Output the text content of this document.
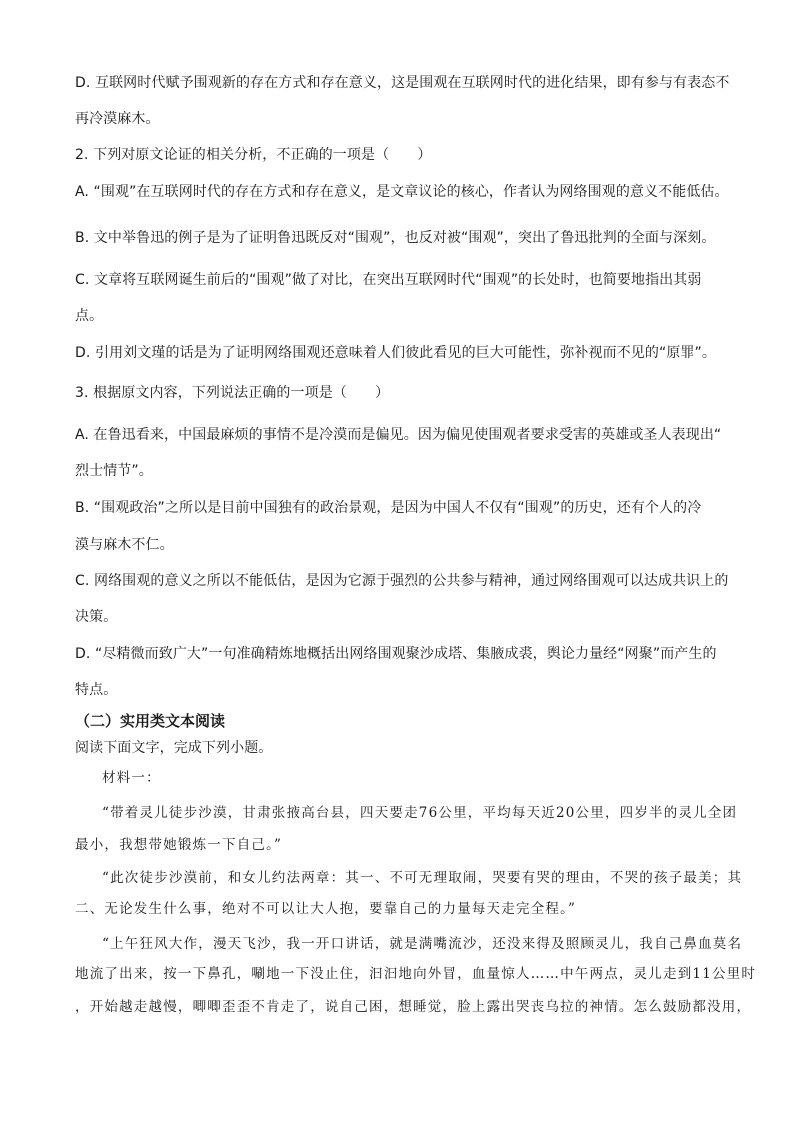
D. 互联网时代赋予围观新的存在方式和存在意义，这是围观在互联网时代的进化结果，即有参与有表态不
再冷漠麻木。
2. 下列对原文论证的相关分析，不正确的一项是（　　）
A. “围观”在互联网时代的存在方式和存在意义，是文章议论的核心，作者认为网络围观的意义不能低估。
B. 文中举鲁迅的例子是为了证明鲁迅既反对“围观”，也反对被“围观”，突出了鲁迅批判的全面与深刻。
C. 文章将互联网诞生前后的“围观”做了对比，在突出互联网时代“围观”的长处时，也简要地指出其弱
点。
D. 引用刘文瑾的话是为了证明网络围观还意味着人们彼此看见的巨大可能性，弥补视而不见的“原罪”。
3. 根据原文内容，下列说法正确的一项是（　　）
A. 在鲁迅看来，中国最麻烦的事情不是冷漠而是偏见。因为偏见使围观者要求受害的英雄或圣人表现出“
烈士情节”。
B. “围观政治”之所以是目前中国独有的政治景观，是因为中国人不仅有“围观”的历史，还有个人的冷
漠与麻木不仁。
C. 网络围观的意义之所以不能低估，是因为它源于强烈的公共参与精神，通过网络围观可以达成共识上的
决策。
D. “尽精微而致广大”一句准确精炼地概括出网络围观聚沙成塔、集腋成裘，舆论力量经“网聚”而产生的
特点。
（二）实用类文本阅读
阅读下面文字，完成下列小题。
材料一：
“带着灵儿徒步沙漠，甘肃张掖高台县，四天要走76公里，平均每天近20公里，四岁半的灵儿全团
最小，我想带她锻炼一下自己。”
“此次徒步沙漠前，和女儿约法两章：其一、不可无理取闹，哭要有哭的理由，不哭的孩子最美；其
二、无论发生什么事，绝对不可以让大人抱，要靠自己的力量每天走完全程。”
“上午狂风大作，漫天飞沙，我一开口讲话，就是满嘴流沙，还没来得及照顾灵儿，我自己鼻血莫名
地流了出来，按一下鼻孔，唰地一下没止住，汩汩地向外冒，血量惊人……中午两点，灵儿走到11公里时
，开始越走越慢，唧唧歪歪不肯走了，说自己困，想睡觉，脸上露出哭丧乌拉的神情。怎么鼓励都没用，
